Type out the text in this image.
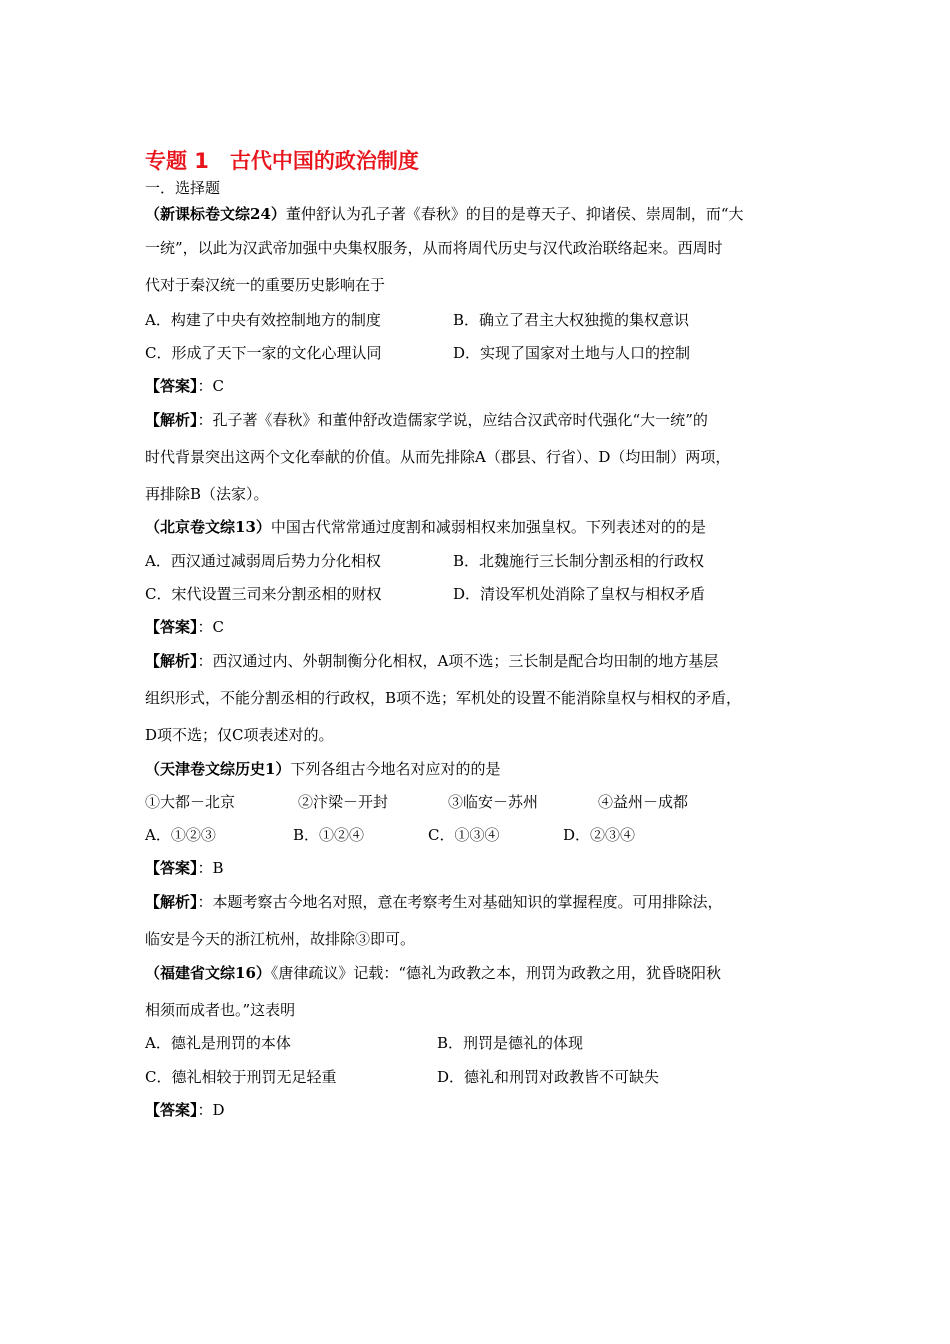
专题 1　古代中国的政治制度
一．选择题
（新课标卷文综24）董仲舒认为孔子著《春秋》的目的是尊天子、抑诸侯、崇周制，而“大
一统”，以此为汉武帝加强中央集权服务，从而将周代历史与汉代政治联络起来。西周时
代对于秦汉统一的重要历史影响在于
A．构建了中央有效控制地方的制度	B．确立了君主大权独揽的集权意识
C．形成了天下一家的文化心理认同	D．实现了国家对土地与人口的控制
【答案】：C
【解析】：孔子著《春秋》和董仲舒改造儒家学说，应结合汉武帝时代强化“大一统”的
时代背景突出这两个文化奉献的价值。从而先排除A（郡县、行省）、D（均田制）两项，
再排除B（法家）。
（北京卷文综13）中国古代常常通过度割和减弱相权来加强皇权。下列表述对的的是
A．西汉通过减弱周后势力分化相权	B．北魏施行三长制分割丞相的行政权
C．宋代设置三司来分割丞相的财权	D．清设军机处消除了皇权与相权矛盾
【答案】：C
【解析】：西汉通过内、外朝制衡分化相权，A项不选；三长制是配合均田制的地方基层
组织形式，不能分割丞相的行政权，B项不选；军机处的设置不能消除皇权与相权的矛盾，
D项不选；仅C项表述对的。
（天津卷文综历史1）下列各组古今地名对应对的的是
①大都－北京	②汴梁－开封	③临安－苏州	④益州－成都
A．①②③	B．①②④	C．①③④	D．②③④
【答案】：B
【解析】：本题考察古今地名对照，意在考察考生对基础知识的掌握程度。可用排除法，
临安是今天的浙江杭州，故排除③即可。
（福建省文综16）《唐律疏议》记载：“德礼为政教之本，刑罚为政教之用，犹昏晓阳秋
相须而成者也。”这表明
A．德礼是刑罚的本体	B．刑罚是德礼的体现
C．德礼相较于刑罚无足轻重	D．德礼和刑罚对政教皆不可缺失
【答案】：D
